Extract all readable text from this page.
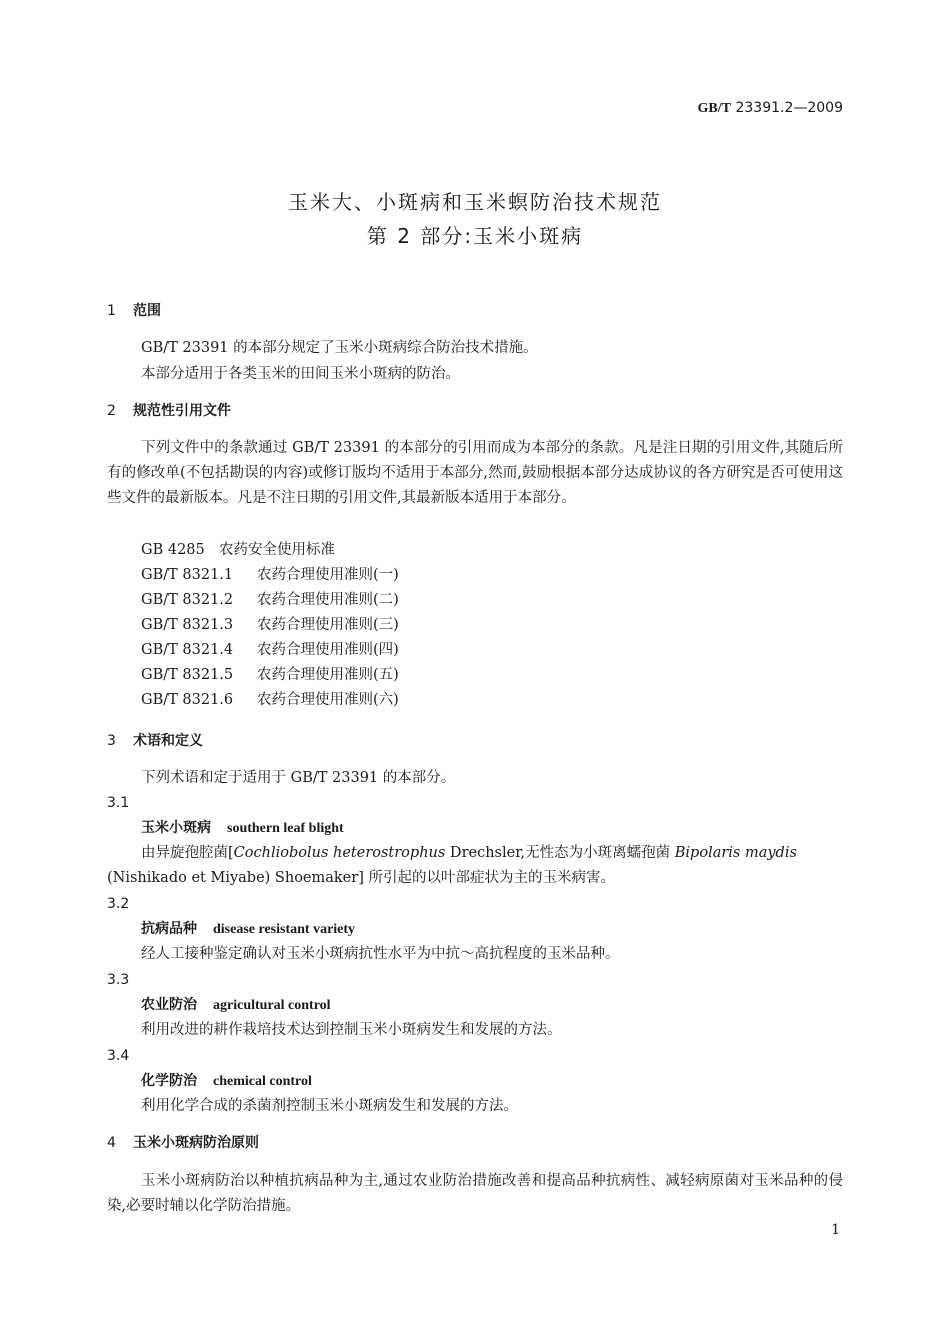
GB/T 23391.2—2009
玉米大、小斑病和玉米螟防治技术规范
第 2 部分:玉米小斑病
1 范围
GB/T 23391 的本部分规定了玉米小斑病综合防治技术措施。
本部分适用于各类玉米的田间玉米小斑病的防治。
2 规范性引用文件
下列文件中的条款通过 GB/T 23391 的本部分的引用而成为本部分的条款。凡是注日期的引用文件,其随后所有的修改单(不包括勘误的内容)或修订版均不适用于本部分,然而,鼓励根据本部分达成协议的各方研究是否可使用这些文件的最新版本。凡是不注日期的引用文件,其最新版本适用于本部分。
GB 4285 农药安全使用标准
GB/T 8321.1 农药合理使用准则(一)
GB/T 8321.2 农药合理使用准则(二)
GB/T 8321.3 农药合理使用准则(三)
GB/T 8321.4 农药合理使用准则(四)
GB/T 8321.5 农药合理使用准则(五)
GB/T 8321.6 农药合理使用准则(六)
3 术语和定义
下列术语和定于适用于 GB/T 23391 的本部分。
3.1
玉米小斑病 southern leaf blight
由异旋孢腔菌[Cochliobolus heterostrophus Drechsler,无性态为小斑离蠕孢菌 Bipolaris maydis
(Nishikado et Miyabe) Shoemaker] 所引起的以叶部症状为主的玉米病害。
3.2
抗病品种 disease resistant variety
经人工接种鉴定确认对玉米小斑病抗性水平为中抗～高抗程度的玉米品种。
3.3
农业防治 agricultural control
利用改进的耕作栽培技术达到控制玉米小斑病发生和发展的方法。
3.4
化学防治 chemical control
利用化学合成的杀菌剂控制玉米小斑病发生和发展的方法。
4 玉米小斑病防治原则
玉米小斑病防治以种植抗病品种为主,通过农业防治措施改善和提高品种抗病性、减轻病原菌对玉米品种的侵染,必要时辅以化学防治措施。
1
